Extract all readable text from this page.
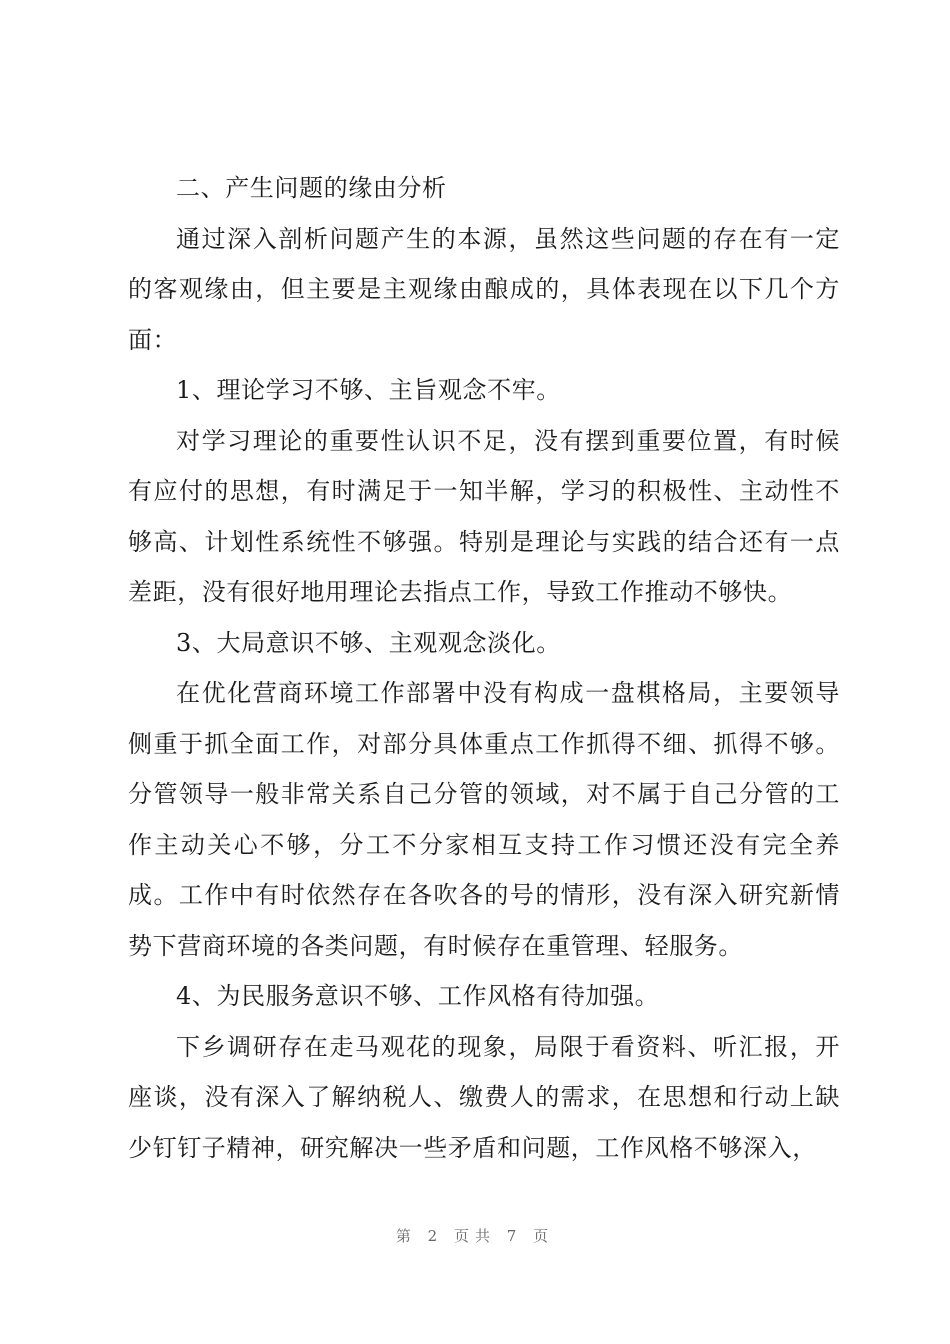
二、产生问题的缘由分析

通过深入剖析问题产生的本源，虽然这些问题的存在有一定的客观缘由，但主要是主观缘由酿成的，具体表现在以下几个方面：

1、理论学习不够、主旨观念不牢。

对学习理论的重要性认识不足，没有摆到重要位置，有时候有应付的思想，有时满足于一知半解，学习的积极性、主动性不够高、计划性系统性不够强。特别是理论与实践的结合还有一点差距，没有很好地用理论去指点工作，导致工作推动不够快。

3、大局意识不够、主观观念淡化。

在优化营商环境工作部署中没有构成一盘棋格局，主要领导侧重于抓全面工作，对部分具体重点工作抓得不细、抓得不够。分管领导一般非常关系自己分管的领域，对不属于自己分管的工作主动关心不够，分工不分家相互支持工作习惯还没有完全养成。工作中有时依然存在各吹各的号的情形，没有深入研究新情势下营商环境的各类问题，有时候存在重管理、轻服务。

4、为民服务意识不够、工作风格有待加强。

下乡调研存在走马观花的现象，局限于看资料、听汇报，开座谈，没有深入了解纳税人、缴费人的需求，在思想和行动上缺少钉钉子精神，研究解决一些矛盾和问题，工作风格不够深入，

第 2 页共 7 页
